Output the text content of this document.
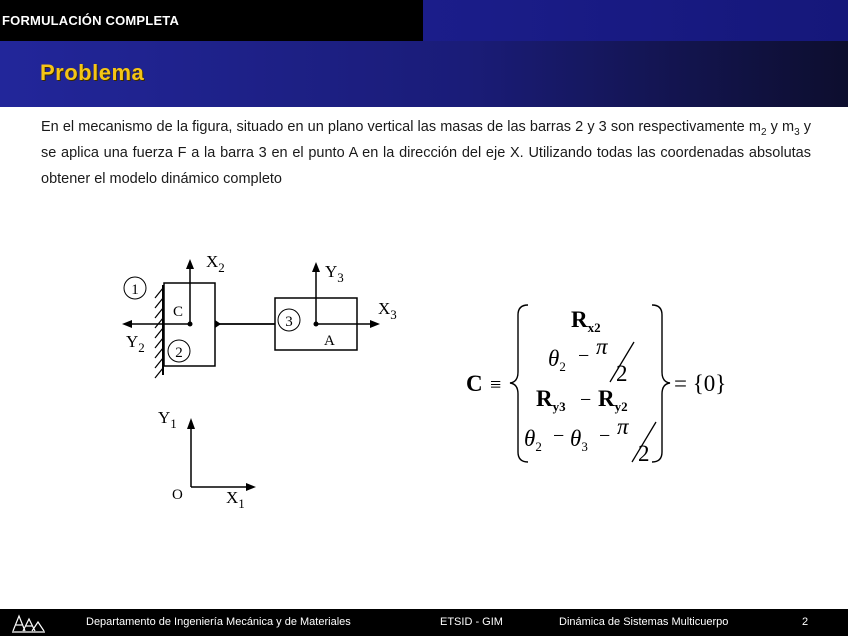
FORMULACIÓN COMPLETA
Problema
En el mecanismo de la figura, situado en un plano vertical las masas de las barras 2 y 3 son respectivamente $m_2$ y $m_3$ y se aplica una fuerza F a la barra 3 en el punto A en la dirección del eje X. Utilizando todas las coordenadas absolutas obtener el modelo dinámico completo
1
2
3
C
A
$X_2$
$Y_2$
$Y_3$
$X_3$
$Y_1$
$X_1$
O
C ≡
$R_{x2}$
$\theta_2 - \pi$
2
$R_{y3} - R_{y2}$
$\theta_2 - \theta_3 - \pi$
2
= {0}
Departamento de Ingeniería Mecánica y de Materiales	ETSID - GIM	Dinámica de Sistemas Multicuerpo	2
